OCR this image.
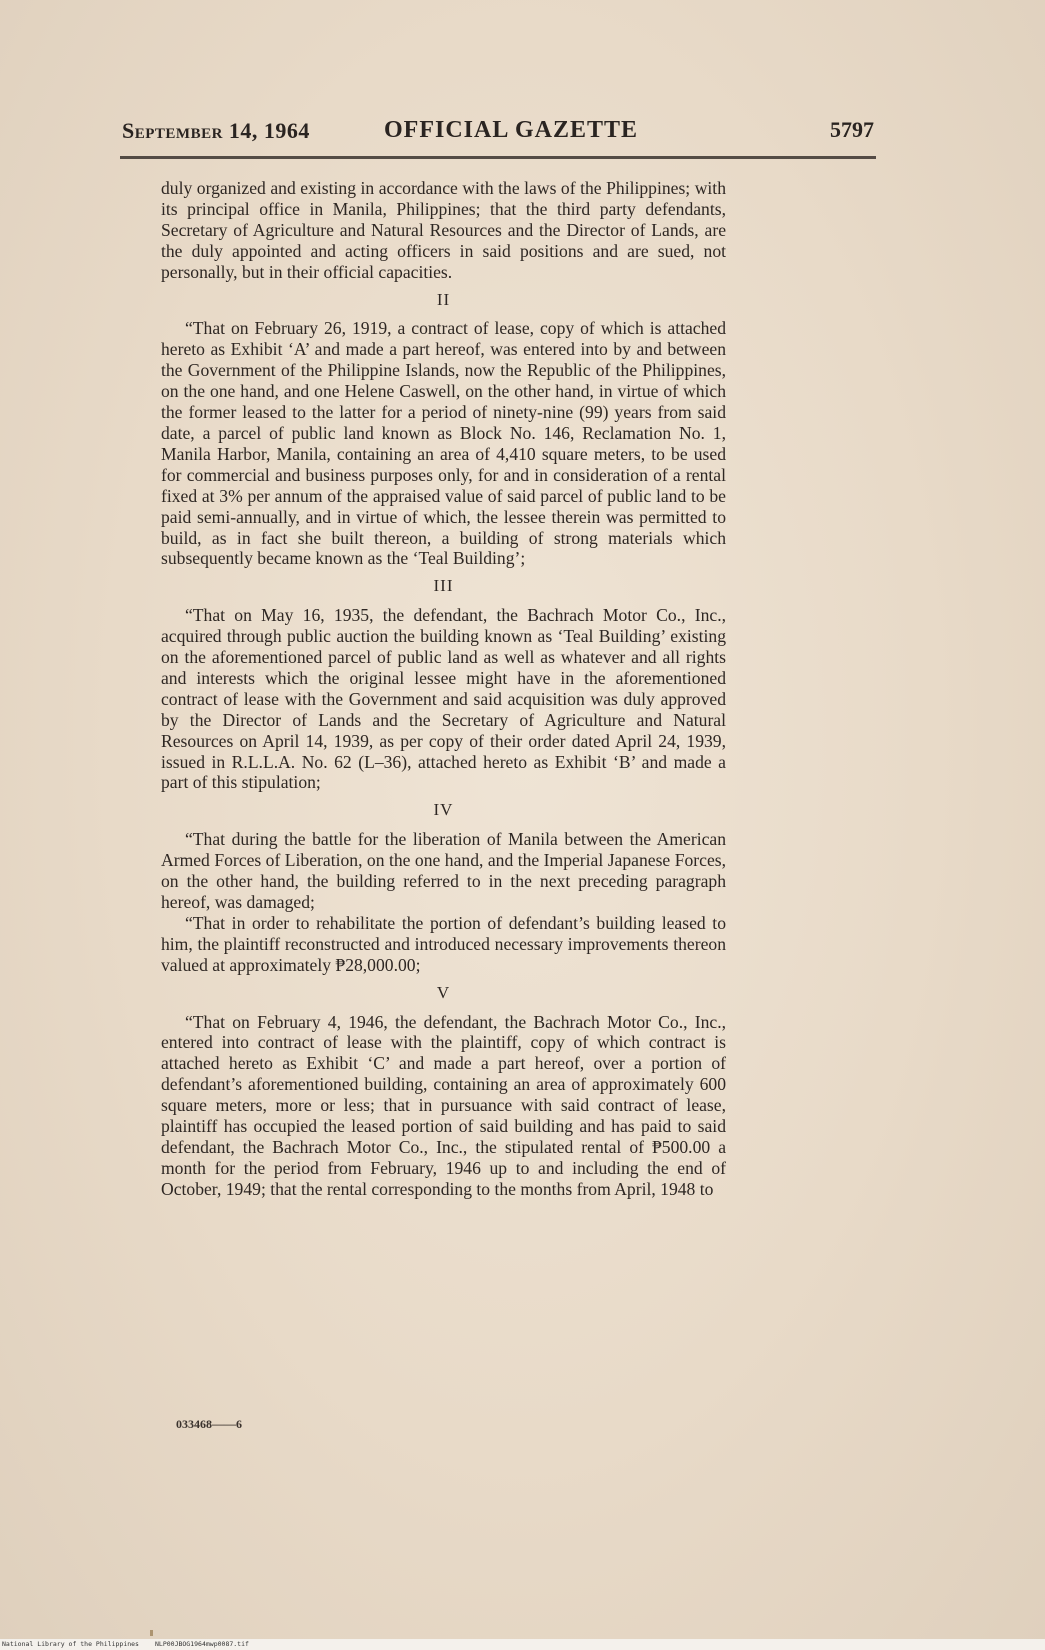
September 14, 1964	OFFICIAL GAZETTE	5797

duly organized and existing in accordance with the laws of the Philippines; with its principal office in Manila, Philippines; that the third party defendants, Secretary of Agriculture and Natural Resources and the Director of Lands, are the duly appointed and acting officers in said positions and are sued, not personally, but in their official capacities.

II

“That on February 26, 1919, a contract of lease, copy of which is attached hereto as Exhibit ‘A’ and made a part hereof, was entered into by and between the Government of the Philippine Islands, now the Republic of the Philippines, on the one hand, and one Helene Caswell, on the other hand, in virtue of which the former leased to the latter for a period of ninety-nine (99) years from said date, a parcel of public land known as Block No. 146, Reclamation No. 1, Manila Harbor, Manila, containing an area of 4,410 square meters, to be used for commercial and business purposes only, for and in consideration of a rental fixed at 3% per annum of the appraised value of said parcel of public land to be paid semi-annually, and in virtue of which, the lessee therein was permitted to build, as in fact she built thereon, a building of strong materials which subsequently became known as the ‘Teal Building’;

III

“That on May 16, 1935, the defendant, the Bachrach Motor Co., Inc., acquired through public auction the building known as ‘Teal Building’ existing on the aforementioned parcel of public land as well as whatever and all rights and interests which the original lessee might have in the aforementioned contract of lease with the Government and said acquisition was duly approved by the Director of Lands and the Secretary of Agriculture and Natural Resources on April 14, 1939, as per copy of their order dated April 24, 1939, issued in R.L.L.A. No. 62 (L–36), attached hereto as Exhibit ‘B’ and made a part of this stipulation;

IV

“That during the battle for the liberation of Manila between the American Armed Forces of Liberation, on the one hand, and the Imperial Japanese Forces, on the other hand, the building referred to in the next preceding paragraph hereof, was damaged;

“That in order to rehabilitate the portion of defendant’s building leased to him, the plaintiff reconstructed and introduced necessary improvements thereon valued at approximately ₱28,000.00;

V

“That on February 4, 1946, the defendant, the Bachrach Motor Co., Inc., entered into contract of lease with the plaintiff, copy of which contract is attached hereto as Exhibit ‘C’ and made a part hereof, over a portion of defendant’s aforementioned building, containing an area of approximately 600 square meters, more or less; that in pursuance with said contract of lease, plaintiff has occupied the leased portion of said building and has paid to said defendant, the Bachrach Motor Co., Inc., the stipulated rental of ₱500.00 a month for the period from February, 1946 up to and including the end of October, 1949; that the rental corresponding to the months from April, 1948 to

033468——6
National Library of the Philippines NLP00JBOG1964mwp0087.tif
